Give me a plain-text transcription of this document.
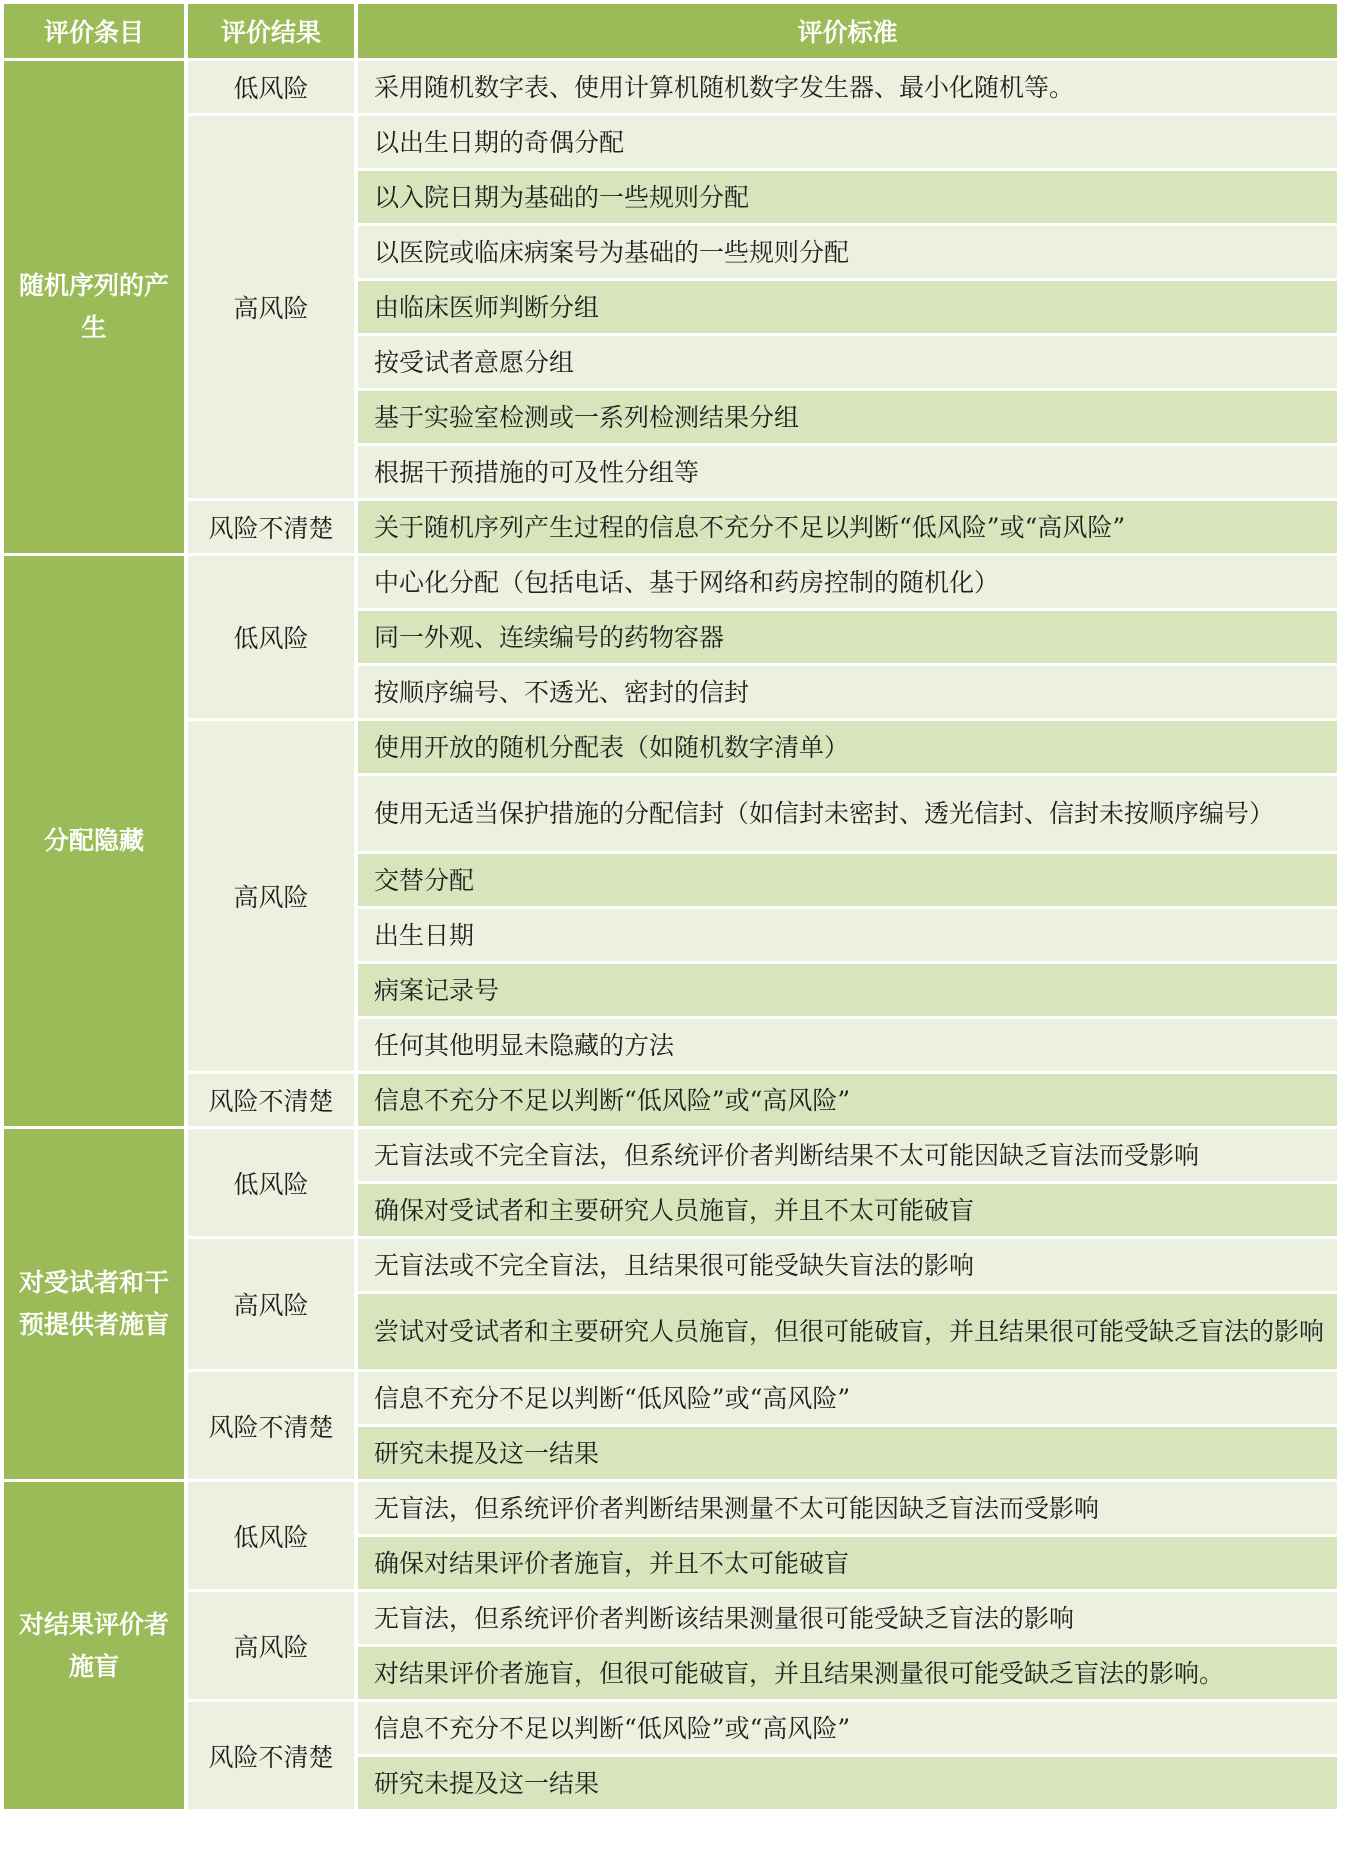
评价条目	评价结果	评价标准
随机序列的产生	低风险	采用随机数字表、使用计算机随机数字发生器、最小化随机等。
	高风险	以出生日期的奇偶分配
		以入院日期为基础的一些规则分配
		以医院或临床病案号为基础的一些规则分配
		由临床医师判断分组
		按受试者意愿分组
		基于实验室检测或一系列检测结果分组
		根据干预措施的可及性分组等
	风险不清楚	关于随机序列产生过程的信息不充分不足以判断“低风险”或“高风险”
分配隐藏	低风险	中心化分配（包括电话、基于网络和药房控制的随机化）
		同一外观、连续编号的药物容器
		按顺序编号、不透光、密封的信封
	高风险	使用开放的随机分配表（如随机数字清单）
		使用无适当保护措施的分配信封（如信封未密封、透光信封、信封未按顺序编号）
		交替分配
		出生日期
		病案记录号
		任何其他明显未隐藏的方法
	风险不清楚	信息不充分不足以判断“低风险”或“高风险”
对受试者和干预提供者施盲	低风险	无盲法或不完全盲法，但系统评价者判断结果不太可能因缺乏盲法而受影响
		确保对受试者和主要研究人员施盲，并且不太可能破盲
	高风险	无盲法或不完全盲法，且结果很可能受缺失盲法的影响
		尝试对受试者和主要研究人员施盲，但很可能破盲，并且结果很可能受缺乏盲法的影响
	风险不清楚	信息不充分不足以判断“低风险”或“高风险”
		研究未提及这一结果
对结果评价者施盲	低风险	无盲法，但系统评价者判断结果测量不太可能因缺乏盲法而受影响
		确保对结果评价者施盲，并且不太可能破盲
	高风险	无盲法，但系统评价者判断该结果测量很可能受缺乏盲法的影响
		对结果评价者施盲，但很可能破盲，并且结果测量很可能受缺乏盲法的影响。
	风险不清楚	信息不充分不足以判断“低风险”或“高风险”
		研究未提及这一结果
